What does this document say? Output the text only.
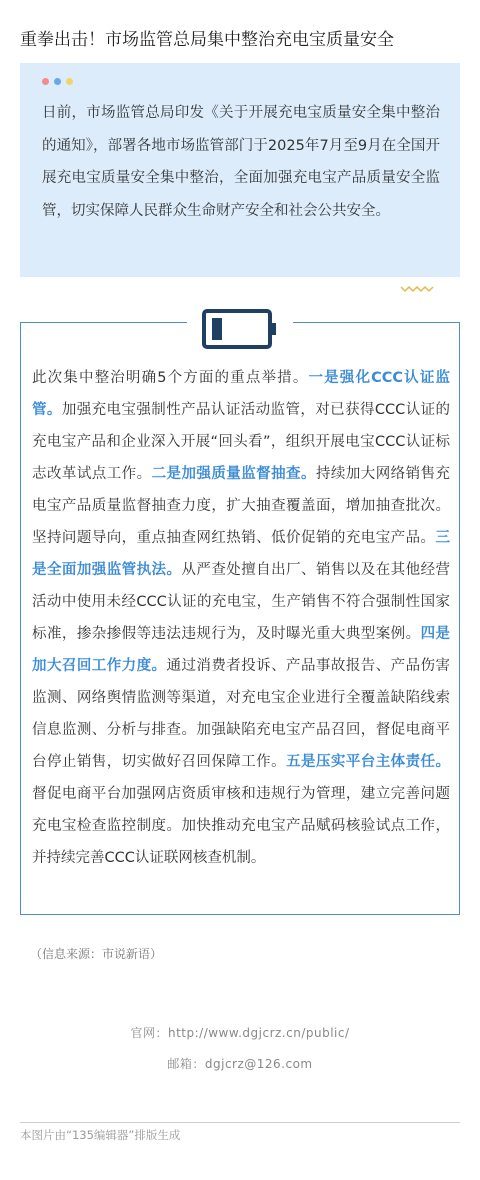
重拳出击！市场监管总局集中整治充电宝质量安全
日前，市场监管总局印发《关于开展充电宝质量安全集中整治的通知》，部署各地市场监管部门于2025年7月至9月在全国开展充电宝质量安全集中整治，全面加强充电宝产品质量安全监管，切实保障人民群众生命财产安全和社会公共安全。
此次集中整治明确5个方面的重点举措。一是强化CCC认证监管。加强充电宝强制性产品认证活动监管，对已获得CCC认证的充电宝产品和企业深入开展“回头看”，组织开展电宝CCC认证标志改革试点工作。二是加强质量监督抽查。持续加大网络销售充电宝产品质量监督抽查力度，扩大抽查覆盖面，增加抽查批次。坚持问题导向，重点抽查网红热销、低价促销的充电宝产品。三是全面加强监管执法。从严查处擅自出厂、销售以及在其他经营活动中使用未经CCC认证的充电宝，生产销售不符合强制性国家标准，掺杂掺假等违法违规行为，及时曝光重大典型案例。四是加大召回工作力度。通过消费者投诉、产品事故报告、产品伤害监测、网络舆情监测等渠道，对充电宝企业进行全覆盖缺陷线索信息监测、分析与排查。加强缺陷充电宝产品召回，督促电商平台停止销售，切实做好召回保障工作。五是压实平台主体责任。督促电商平台加强网店资质审核和违规行为管理，建立完善问题充电宝检查监控制度。加快推动充电宝产品赋码核验试点工作，并持续完善CCC认证联网核查机制。
（信息来源：市说新语）
官网：http://www.dgjcrz.cn/public/
邮箱：dgjcrz@126.com
本图片由“135编辑器”排版生成
